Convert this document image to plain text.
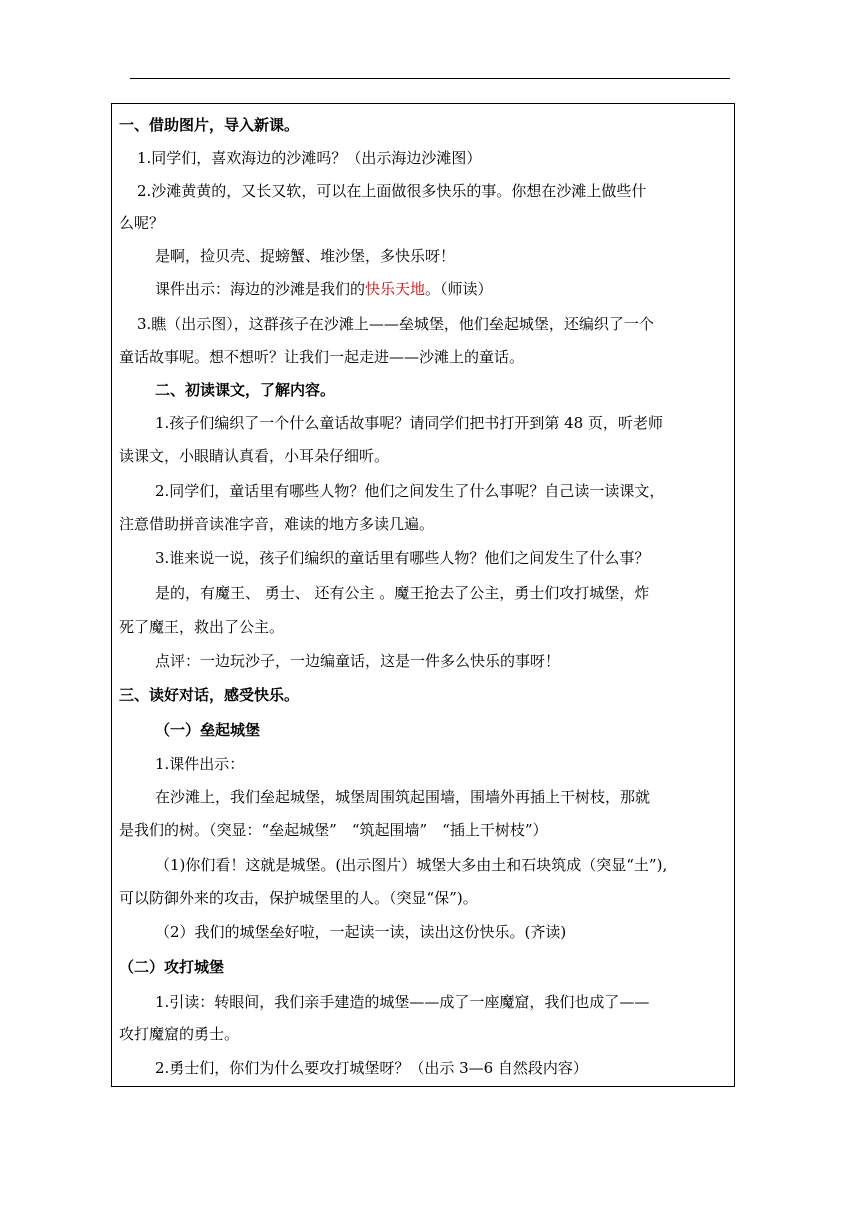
一、借助图片，导入新课。
1.同学们，喜欢海边的沙滩吗？（出示海边沙滩图）
2.沙滩黄黄的，又长又软，可以在上面做很多快乐的事。你想在沙滩上做些什
么呢？
是啊，捡贝壳、捉螃蟹、堆沙堡，多快乐呀！
课件出示：海边的沙滩是我们的快乐天地。（师读）
3.瞧（出示图），这群孩子在沙滩上——垒城堡，他们垒起城堡，还编织了一个
童话故事呢。想不想听？让我们一起走进——沙滩上的童话。
二、初读课文，了解内容。
1.孩子们编织了一个什么童话故事呢？请同学们把书打开到第 48 页，听老师
读课文，小眼睛认真看，小耳朵仔细听。
2.同学们，童话里有哪些人物？他们之间发生了什么事呢？自己读一读课文，
注意借助拼音读准字音，难读的地方多读几遍。
3.谁来说一说，孩子们编织的童话里有哪些人物？他们之间发生了什么事？
是的，有魔王、 勇士、 还有公主 。魔王抢去了公主，勇士们攻打城堡，炸
死了魔王，救出了公主。
点评：一边玩沙子，一边编童话，这是一件多么快乐的事呀！
三、读好对话，感受快乐。
（一）垒起城堡
1.课件出示：
在沙滩上，我们垒起城堡，城堡周围筑起围墙，围墙外再插上干树枝，那就
是我们的树。（突显：“垒起城堡”　“筑起围墙”　“插上干树枝”）
（1)你们看！这就是城堡。(出示图片）城堡大多由土和石块筑成（突显“土”),
可以防御外来的攻击，保护城堡里的人。（突显“保”)。
（2）我们的城堡垒好啦，一起读一读，读出这份快乐。(齐读)
（二）攻打城堡
1.引读：转眼间，我们亲手建造的城堡——成了一座魔窟，我们也成了——
攻打魔窟的勇士。
2.勇士们，你们为什么要攻打城堡呀？（出示 3—6 自然段内容）
